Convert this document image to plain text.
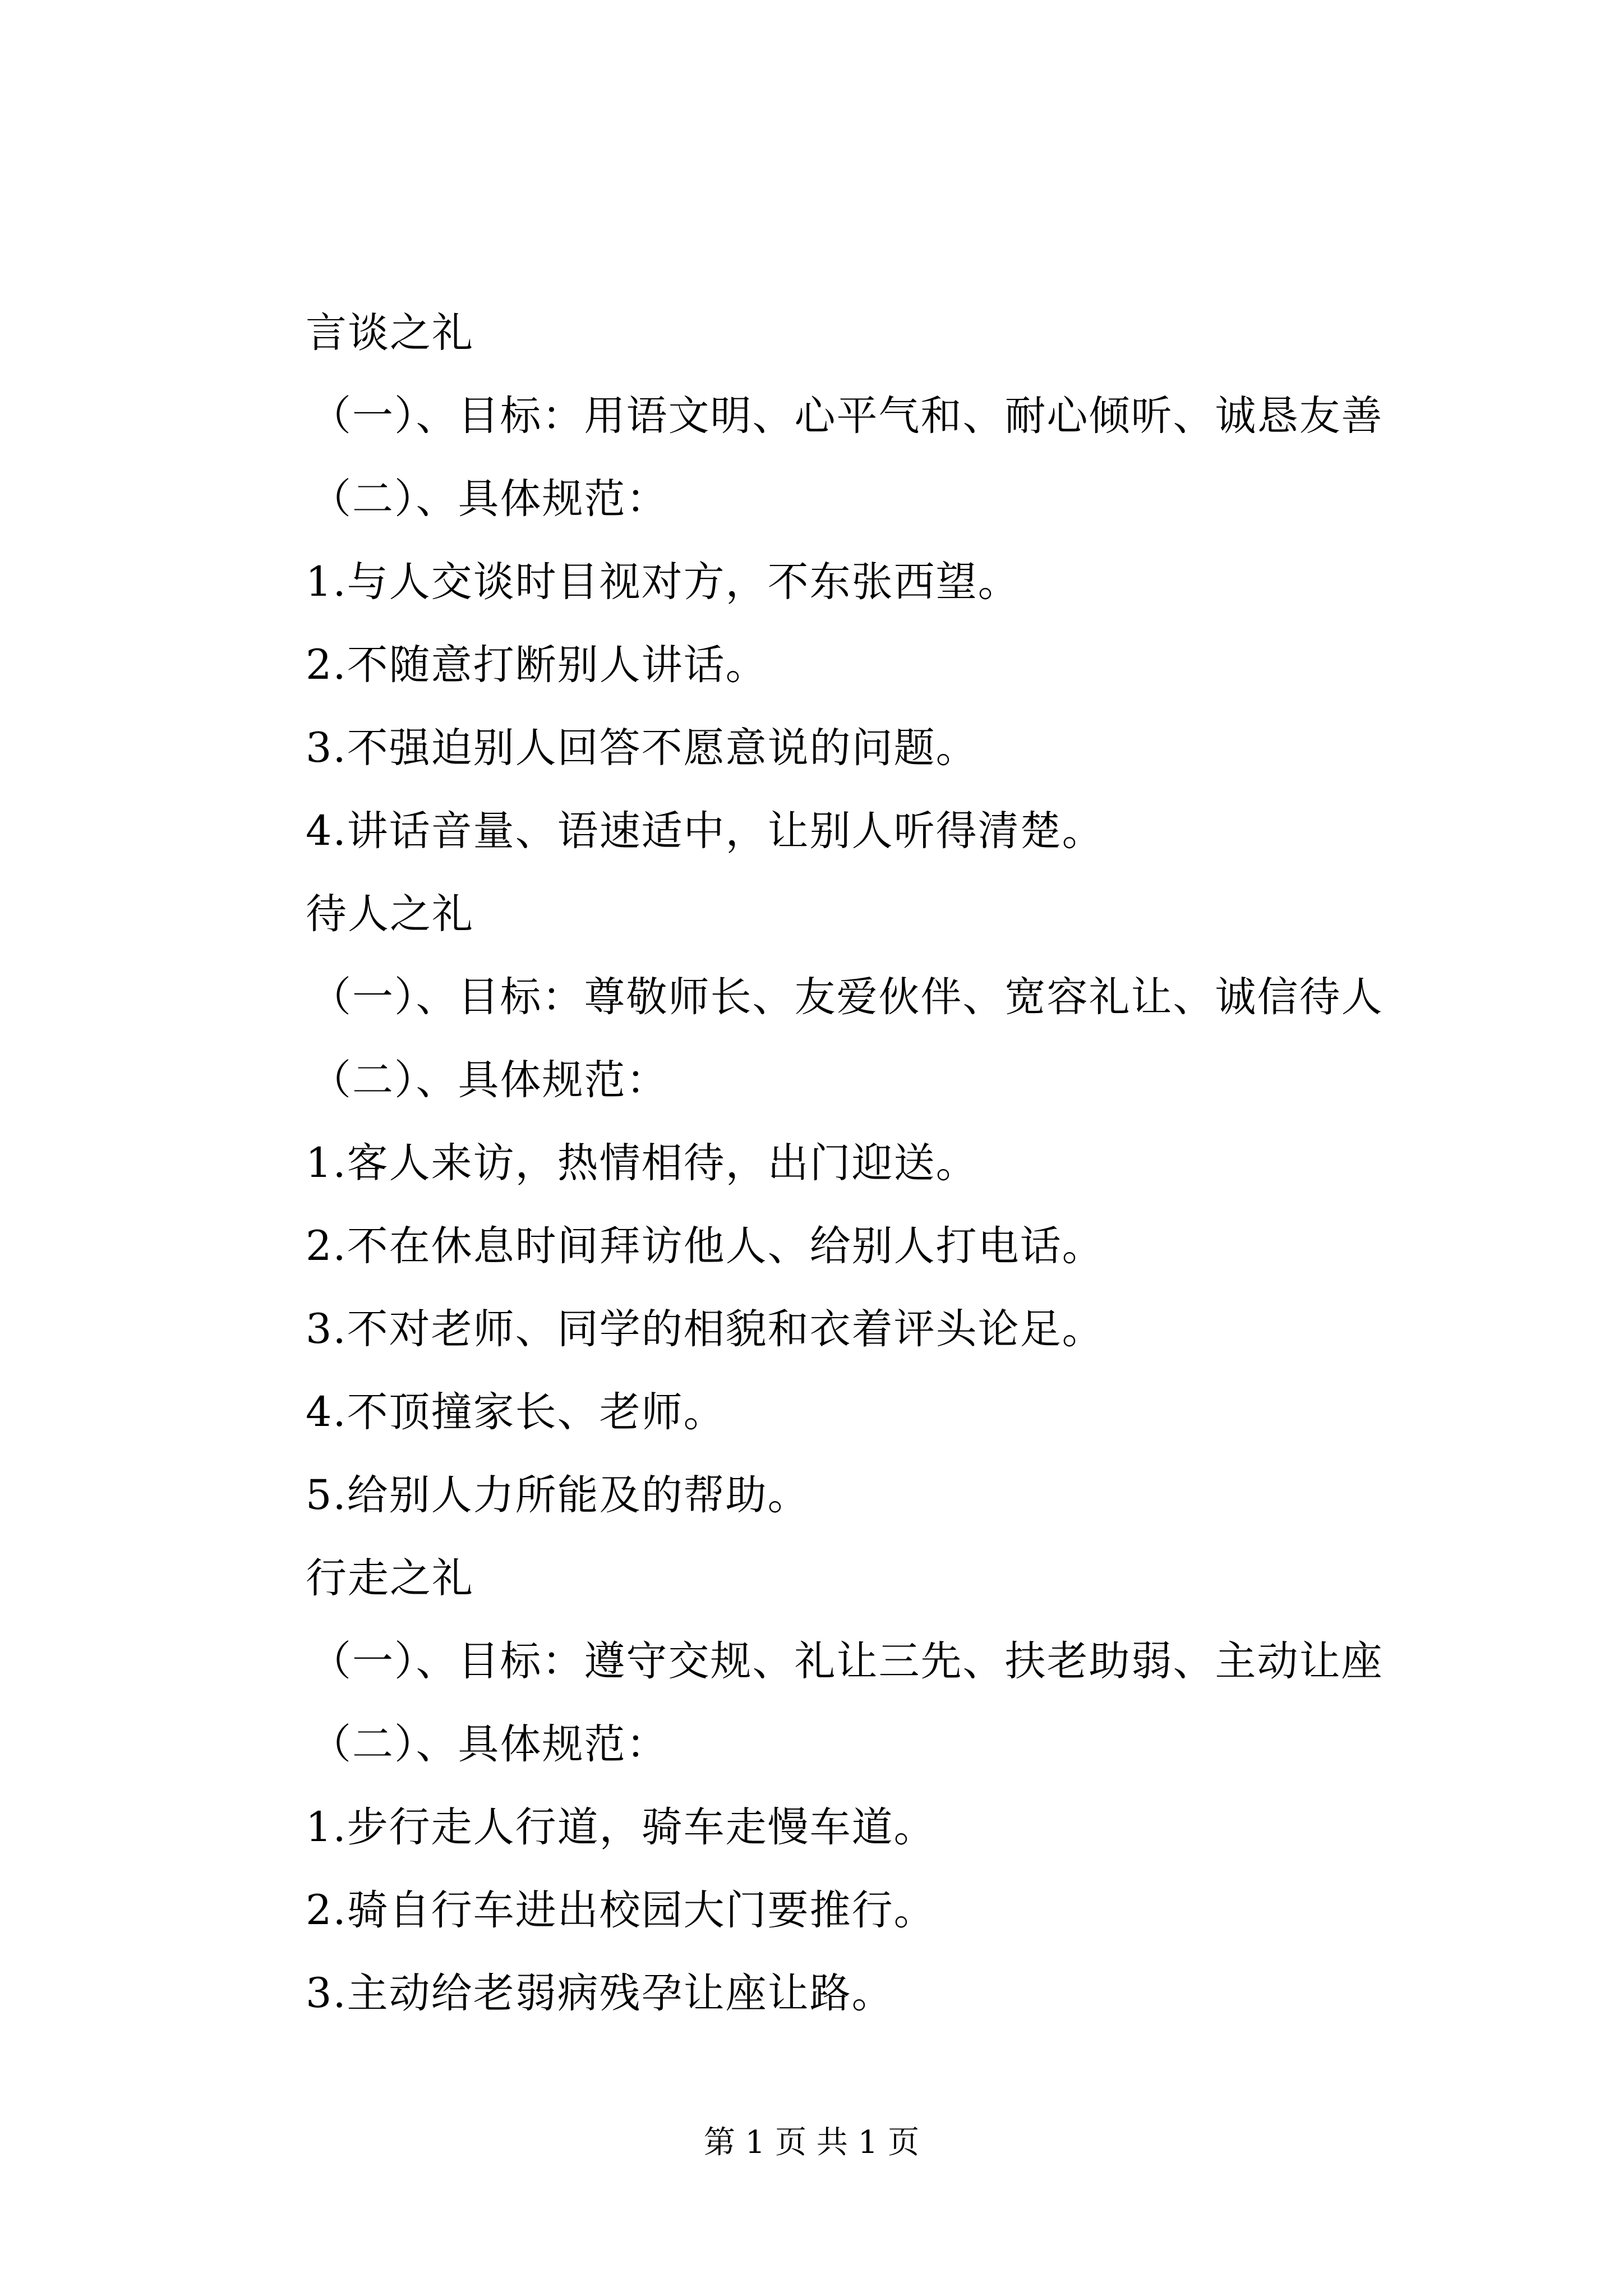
言谈之礼
（一）、目标：用语文明、心平气和、耐心倾听、诚恳友善
（二）、具体规范：
1.与人交谈时目视对方，不东张西望。
2.不随意打断别人讲话。
3.不强迫别人回答不愿意说的问题。
4.讲话音量、语速适中，让别人听得清楚。
待人之礼
（一）、目标：尊敬师长、友爱伙伴、宽容礼让、诚信待人
（二）、具体规范：
1.客人来访，热情相待，出门迎送。
2.不在休息时间拜访他人、给别人打电话。
3.不对老师、同学的相貌和衣着评头论足。
4.不顶撞家长、老师。
5.给别人力所能及的帮助。
行走之礼
（一）、目标：遵守交规、礼让三先、扶老助弱、主动让座
（二）、具体规范：
1.步行走人行道，骑车走慢车道。
2.骑自行车进出校园大门要推行。
3.主动给老弱病残孕让座让路。
第 1 页 共 1 页
